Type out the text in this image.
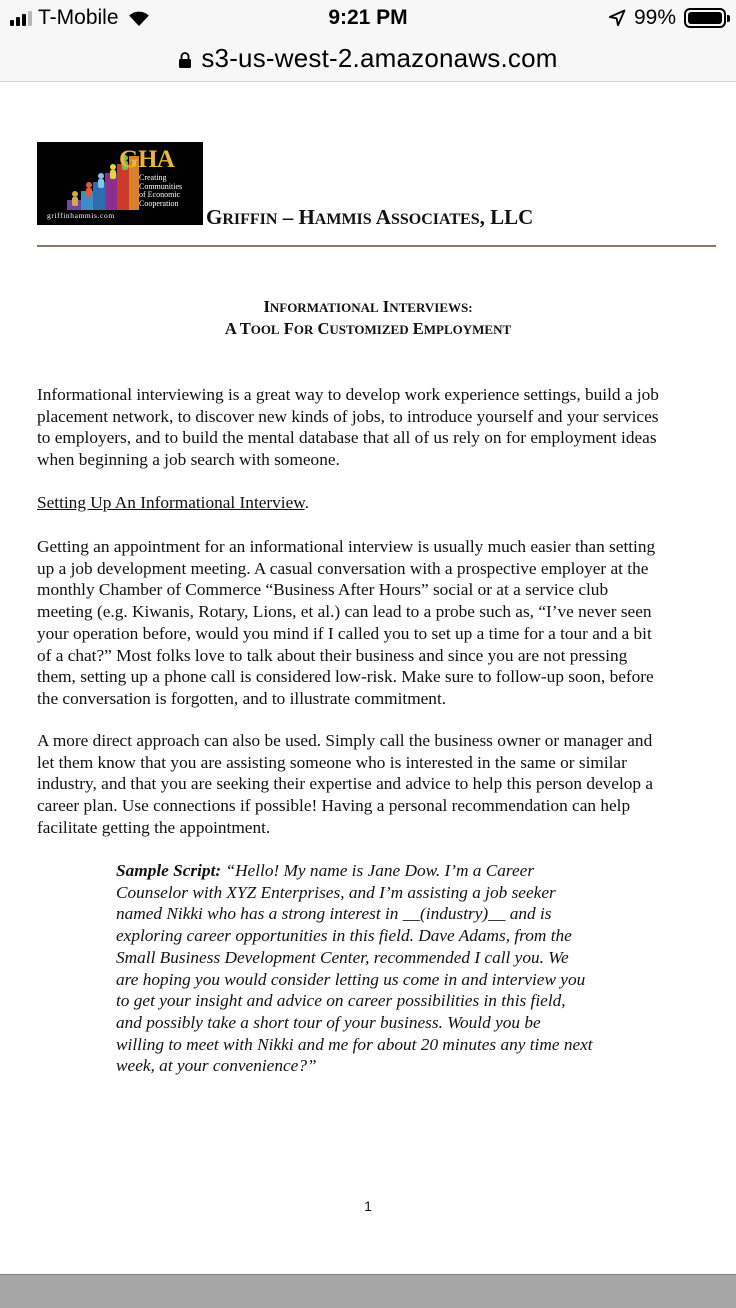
T-Mobile	9:21 PM	99%
s3-us-west-2.amazonaws.com
GHA
Creating
Communities
of Economic
Cooperation
griffinhammis.com	GRIFFIN – HAMMIS ASSOCIATES, LLC
INFORMATIONAL INTERVIEWS:
A TOOL FOR CUSTOMIZED EMPLOYMENT
Informational interviewing is a great way to develop work experience settings, build a job
placement network, to discover new kinds of jobs, to introduce yourself and your services
to employers, and to build the mental database that all of us rely on for employment ideas
when beginning a job search with someone.
Setting Up An Informational Interview.
Getting an appointment for an informational interview is usually much easier than setting
up a job development meeting. A casual conversation with a prospective employer at the
monthly Chamber of Commerce “Business After Hours” social or at a service club
meeting (e.g. Kiwanis, Rotary, Lions, et al.) can lead to a probe such as, “I’ve never seen
your operation before, would you mind if I called you to set up a time for a tour and a bit
of a chat?” Most folks love to talk about their business and since you are not pressing
them, setting up a phone call is considered low-risk. Make sure to follow-up soon, before
the conversation is forgotten, and to illustrate commitment.
A more direct approach can also be used. Simply call the business owner or manager and
let them know that you are assisting someone who is interested in the same or similar
industry, and that you are seeking their expertise and advice to help this person develop a
career plan. Use connections if possible! Having a personal recommendation can help
facilitate getting the appointment.
Sample Script: “Hello! My name is Jane Dow. I’m a Career
Counselor with XYZ Enterprises, and I’m assisting a job seeker
named Nikki who has a strong interest in __(industry)__ and is
exploring career opportunities in this field. Dave Adams, from the
Small Business Development Center, recommended I call you. We
are hoping you would consider letting us come in and interview you
to get your insight and advice on career possibilities in this field,
and possibly take a short tour of your business. Would you be
willing to meet with Nikki and me for about 20 minutes any time next
week, at your convenience?”
1
